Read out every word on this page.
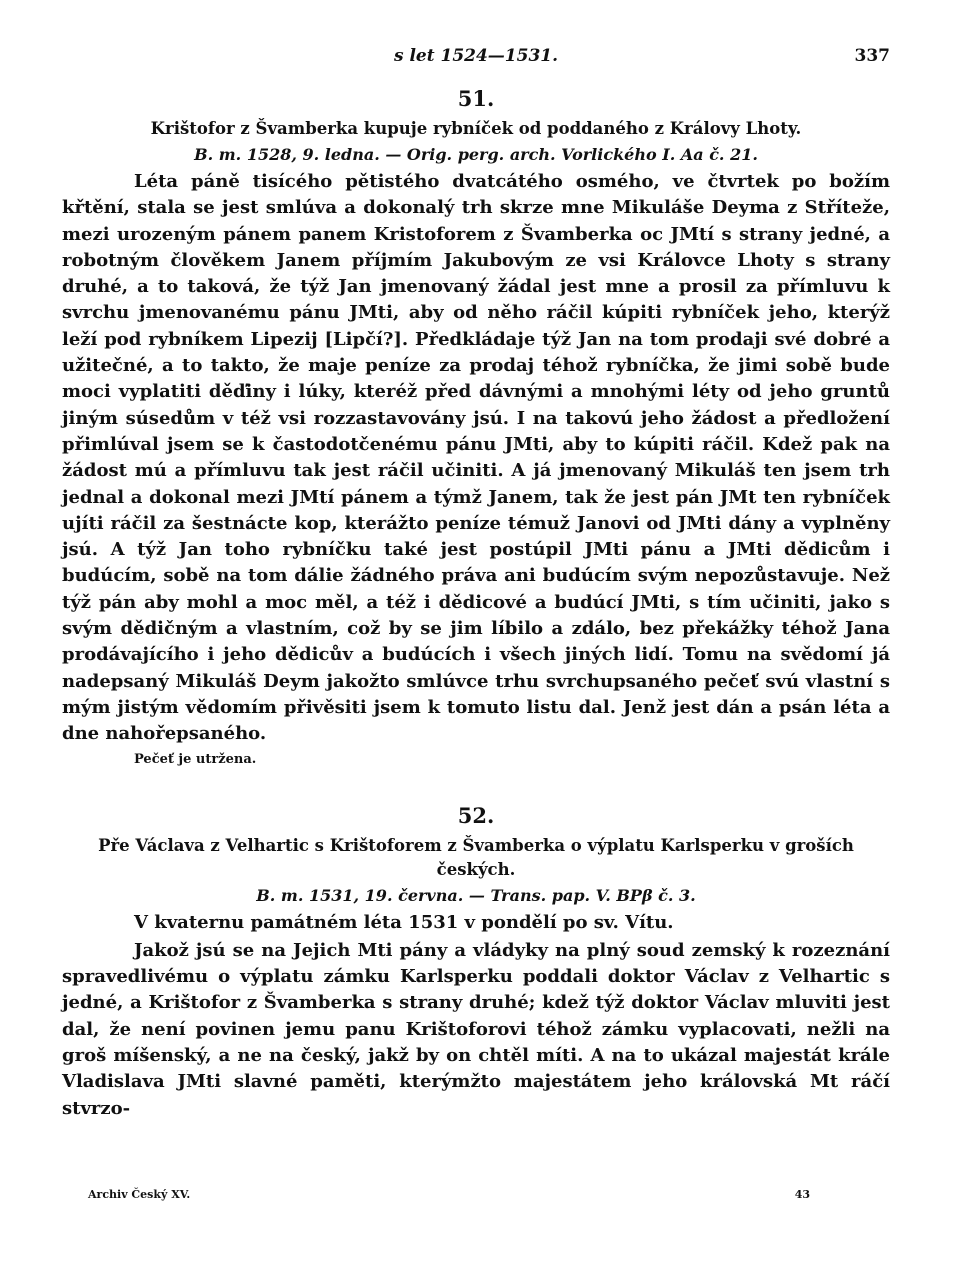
s let 1524—1531.	337
51.
Krištofor z Švamberka kupuje rybníček od poddaného z Královy Lhoty.
B. m. 1528, 9. ledna. — Orig. perg. arch. Vorlického I. Aa č. 21.

Léta páně tisícého pětistého dvatcátého osmého, ve čtvrtek po božím křtění, stala se jest smlúva a dokonalý trh skrze mne Mikuláše Deyma z Stříteže, mezi urozeným pánem panem Kristoforem z Švamberka oc JMtí s strany jedné, a robotným člověkem Janem příjmím Jakubovým ze vsi Královce Lhoty s strany druhé, a to taková, že týž Jan jmenovaný žádal jest mne a prosil za přímluvu k svrchu jmenovanému pánu JMti, aby od něho ráčil kúpiti rybníček jeho, kterýž leží pod rybníkem Lipezij [Lipčí?]. Předkládaje týž Jan na tom prodaji své dobré a užitečné, a to takto, že maje peníze za prodaj téhož rybníčka, že jimi sobě bude moci vyplatiti děďiny i lúky, kteréž před dávnými a mnohými léty od jeho gruntů jiným súsedům v též vsi rozzastavovány jsú. I na takovú jeho žádost a předložení přimlúval jsem se k častodotčenému pánu JMti, aby to kúpiti ráčil. Kdež pak na žádost mú a přímluvu tak jest ráčil učiniti. A já jmenovaný Mikuláš ten jsem trh jednal a dokonal mezi JMtí pánem a týmž Janem, tak že jest pán JMt ten rybníček ujíti ráčil za šestnácte kop, kterážto peníze témuž Janovi od JMti dány a vyplněny jsú. A týž Jan toho rybníčku také jest postúpil JMti pánu a JMti dědicům i budúcím, sobě na tom dálie žádného práva ani budúcím svým nepozůstavuje. Než týž pán aby mohl a moc měl, a též i dědicové a budúcí JMti, s tím učiniti, jako s svým dědičným a vlastním, což by se jim líbilo a zdálo, bez překážky téhož Jana prodávajícího i jeho dědicův a budúcích i všech jiných lidí. Tomu na svědomí já nadepsaný Mikuláš Deym jakožto smlúvce trhu svrchupsaného pečeť svú vlastní s mým jistým vědomím přivěsiti jsem k tomuto listu dal. Jenž jest dán a psán léta a dne nahořepsaného.

Pečeť je utržena.
52.
Pře Václava z Velhartic s Krištoforem z Švamberka o výplatu Karlsperku v groších českých.
B. m. 1531, 19. června. — Trans. pap. V. BPβ č. 3.

V kvaternu památném léta 1531 v pondělí po sv. Vítu.

Jakož jsú se na Jejich Mti pány a vládyky na plný soud zemský k rozeznání spravedlivému o výplatu zámku Karlsperku poddali doktor Václav z Velhartic s jedné, a Krištofor z Švamberka s strany druhé; kdež týž doktor Václav mluviti jest dal, že není povinen jemu panu Krištoforovi téhož zámku vyplacovati, nežli na groš míšenský, a ne na český, jakž by on chtěl míti. A na to ukázal majestát krále Vladislava JMti slavné paměti, kterýmžto majestátem jeho královská Mt ráčí stvrzo-

Archiv Český XV.	43
